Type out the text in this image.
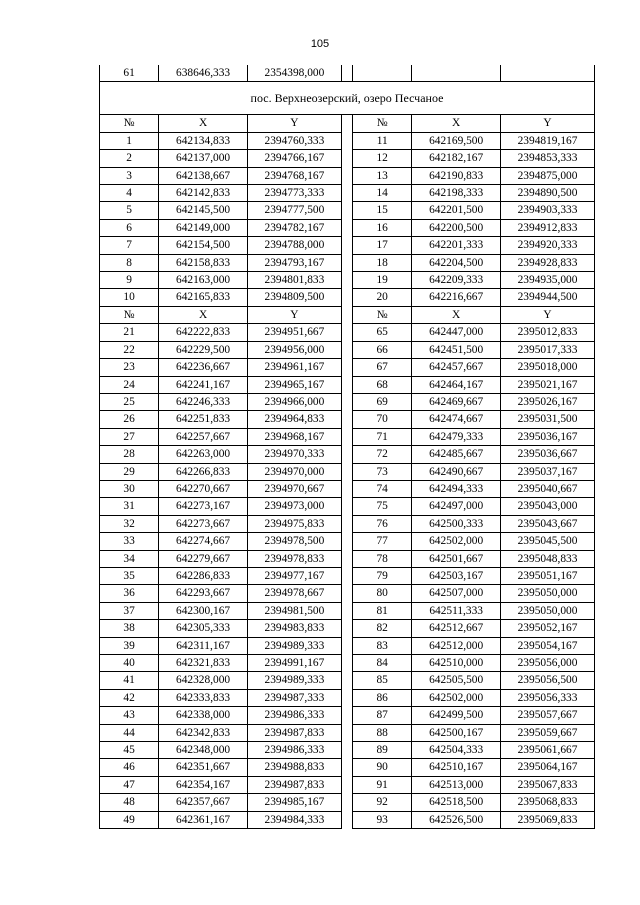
105
61	638646,333	2354398,000				
пос. Верхнеозерский, озеро Песчаное						
№	X	Y		№	X	Y
1	642134,833	2394760,333		11	642169,500	2394819,167
2	642137,000	2394766,167		12	642182,167	2394853,333
3	642138,667	2394768,167		13	642190,833	2394875,000
4	642142,833	2394773,333		14	642198,333	2394890,500
5	642145,500	2394777,500		15	642201,500	2394903,333
6	642149,000	2394782,167		16	642200,500	2394912,833
7	642154,500	2394788,000		17	642201,333	2394920,333
8	642158,833	2394793,167		18	642204,500	2394928,833
9	642163,000	2394801,833		19	642209,333	2394935,000
10	642165,833	2394809,500		20	642216,667	2394944,500
№	X	Y		№	X	Y
21	642222,833	2394951,667		65	642447,000	2395012,833
22	642229,500	2394956,000		66	642451,500	2395017,333
23	642236,667	2394961,167		67	642457,667	2395018,000
24	642241,167	2394965,167		68	642464,167	2395021,167
25	642246,333	2394966,000		69	642469,667	2395026,167
26	642251,833	2394964,833		70	642474,667	2395031,500
27	642257,667	2394968,167		71	642479,333	2395036,167
28	642263,000	2394970,333		72	642485,667	2395036,667
29	642266,833	2394970,000		73	642490,667	2395037,167
30	642270,667	2394970,667		74	642494,333	2395040,667
31	642273,167	2394973,000		75	642497,000	2395043,000
32	642273,667	2394975,833		76	642500,333	2395043,667
33	642274,667	2394978,500		77	642502,000	2395045,500
34	642279,667	2394978,833		78	642501,667	2395048,833
35	642286,833	2394977,167		79	642503,167	2395051,167
36	642293,667	2394978,667		80	642507,000	2395050,000
37	642300,167	2394981,500		81	642511,333	2395050,000
38	642305,333	2394983,833		82	642512,667	2395052,167
39	642311,167	2394989,333		83	642512,000	2395054,167
40	642321,833	2394991,167		84	642510,000	2395056,000
41	642328,000	2394989,333		85	642505,500	2395056,500
42	642333,833	2394987,333		86	642502,000	2395056,333
43	642338,000	2394986,333		87	642499,500	2395057,667
44	642342,833	2394987,833		88	642500,167	2395059,667
45	642348,000	2394986,333		89	642504,333	2395061,667
46	642351,667	2394988,833		90	642510,167	2395064,167
47	642354,167	2394987,833		91	642513,000	2395067,833
48	642357,667	2394985,167		92	642518,500	2395068,833
49	642361,167	2394984,333		93	642526,500	2395069,833
